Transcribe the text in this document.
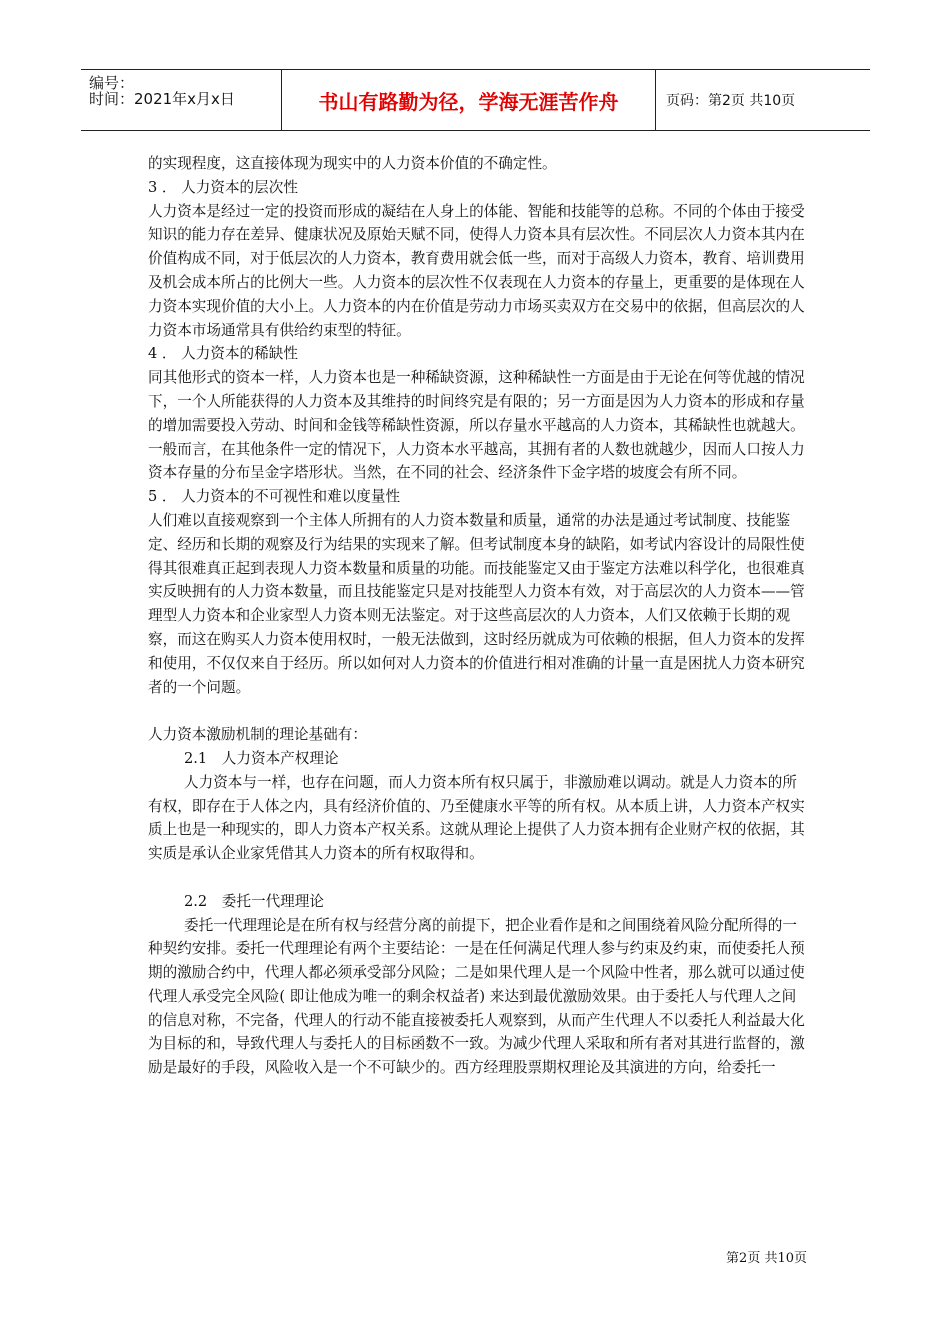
编号：
时间：2021年x月x日	书山有路勤为径，学海无涯苦作舟	页码：第2页 共10页

的实现程度，这直接体现为现实中的人力资本价值的不确定性。

3 ． 人力资本的层次性

人力资本是经过一定的投资而形成的凝结在人身上的体能、智能和技能等的总称。不同的个体由于接受知识的能力存在差异、健康状况及原始天赋不同，使得人力资本具有层次性。不同层次人力资本其内在价值构成不同，对于低层次的人力资本，教育费用就会低一些，而对于高级人力资本，教育、培训费用及机会成本所占的比例大一些。人力资本的层次性不仅表现在人力资本的存量上，更重要的是体现在人力资本实现价值的大小上。人力资本的内在价值是劳动力市场买卖双方在交易中的依据，但高层次的人力资本市场通常具有供给约束型的特征。

4 ． 人力资本的稀缺性

同其他形式的资本一样，人力资本也是一种稀缺资源，这种稀缺性一方面是由于无论在何等优越的情况下，一个人所能获得的人力资本及其维持的时间终究是有限的；另一方面是因为人力资本的形成和存量的增加需要投入劳动、时间和金钱等稀缺性资源，所以存量水平越高的人力资本，其稀缺性也就越大。一般而言，在其他条件一定的情况下，人力资本水平越高，其拥有者的人数也就越少，因而人口按人力资本存量的分布呈金字塔形状。当然，在不同的社会、经济条件下金字塔的坡度会有所不同。

5 ． 人力资本的不可视性和难以度量性

人们难以直接观察到一个主体人所拥有的人力资本数量和质量，通常的办法是通过考试制度、技能鉴定、经历和长期的观察及行为结果的实现来了解。但考试制度本身的缺陷，如考试内容设计的局限性使得其很难真正起到表现人力资本数量和质量的功能。而技能鉴定又由于鉴定方法难以科学化，也很难真实反映拥有的人力资本数量，而且技能鉴定只是对技能型人力资本有效，对于高层次的人力资本——管理型人力资本和企业家型人力资本则无法鉴定。对于这些高层次的人力资本，人们又依赖于长期的观察，而这在购买人力资本使用权时，一般无法做到，这时经历就成为可依赖的根据，但人力资本的发挥和使用，不仅仅来自于经历。所以如何对人力资本的价值进行相对准确的计量一直是困扰人力资本研究者的一个问题。

人力资本激励机制的理论基础有：

2.1　人力资本产权理论

人力资本与一样，也存在问题，而人力资本所有权只属于，非激励难以调动。就是人力资本的所有权，即存在于人体之内，具有经济价值的、乃至健康水平等的所有权。从本质上讲，人力资本产权实质上也是一种现实的，即人力资本产权关系。这就从理论上提供了人力资本拥有企业财产权的依据，其实质是承认企业家凭借其人力资本的所有权取得和。

2.2　委托一代理理论

委托一代理理论是在所有权与经营分离的前提下，把企业看作是和之间围绕着风险分配所得的一种契约安排。委托一代理理论有两个主要结论：一是在任何满足代理人参与约束及约束，而使委托人预期的激励合约中，代理人都必须承受部分风险；二是如果代理人是一个风险中性者，那么就可以通过使代理人承受完全风险( 即让他成为唯一的剩余权益者) 来达到最优激励效果。由于委托人与代理人之间的信息对称，不完备，代理人的行动不能直接被委托人观察到，从而产生代理人不以委托人利益最大化为目标的和，导致代理人与委托人的目标函数不一致。为减少代理人采取和所有者对其进行监督的，激励是最好的手段，风险收入是一个不可缺少的。西方经理股票期权理论及其演进的方向，给委托一

第2页 共10页
